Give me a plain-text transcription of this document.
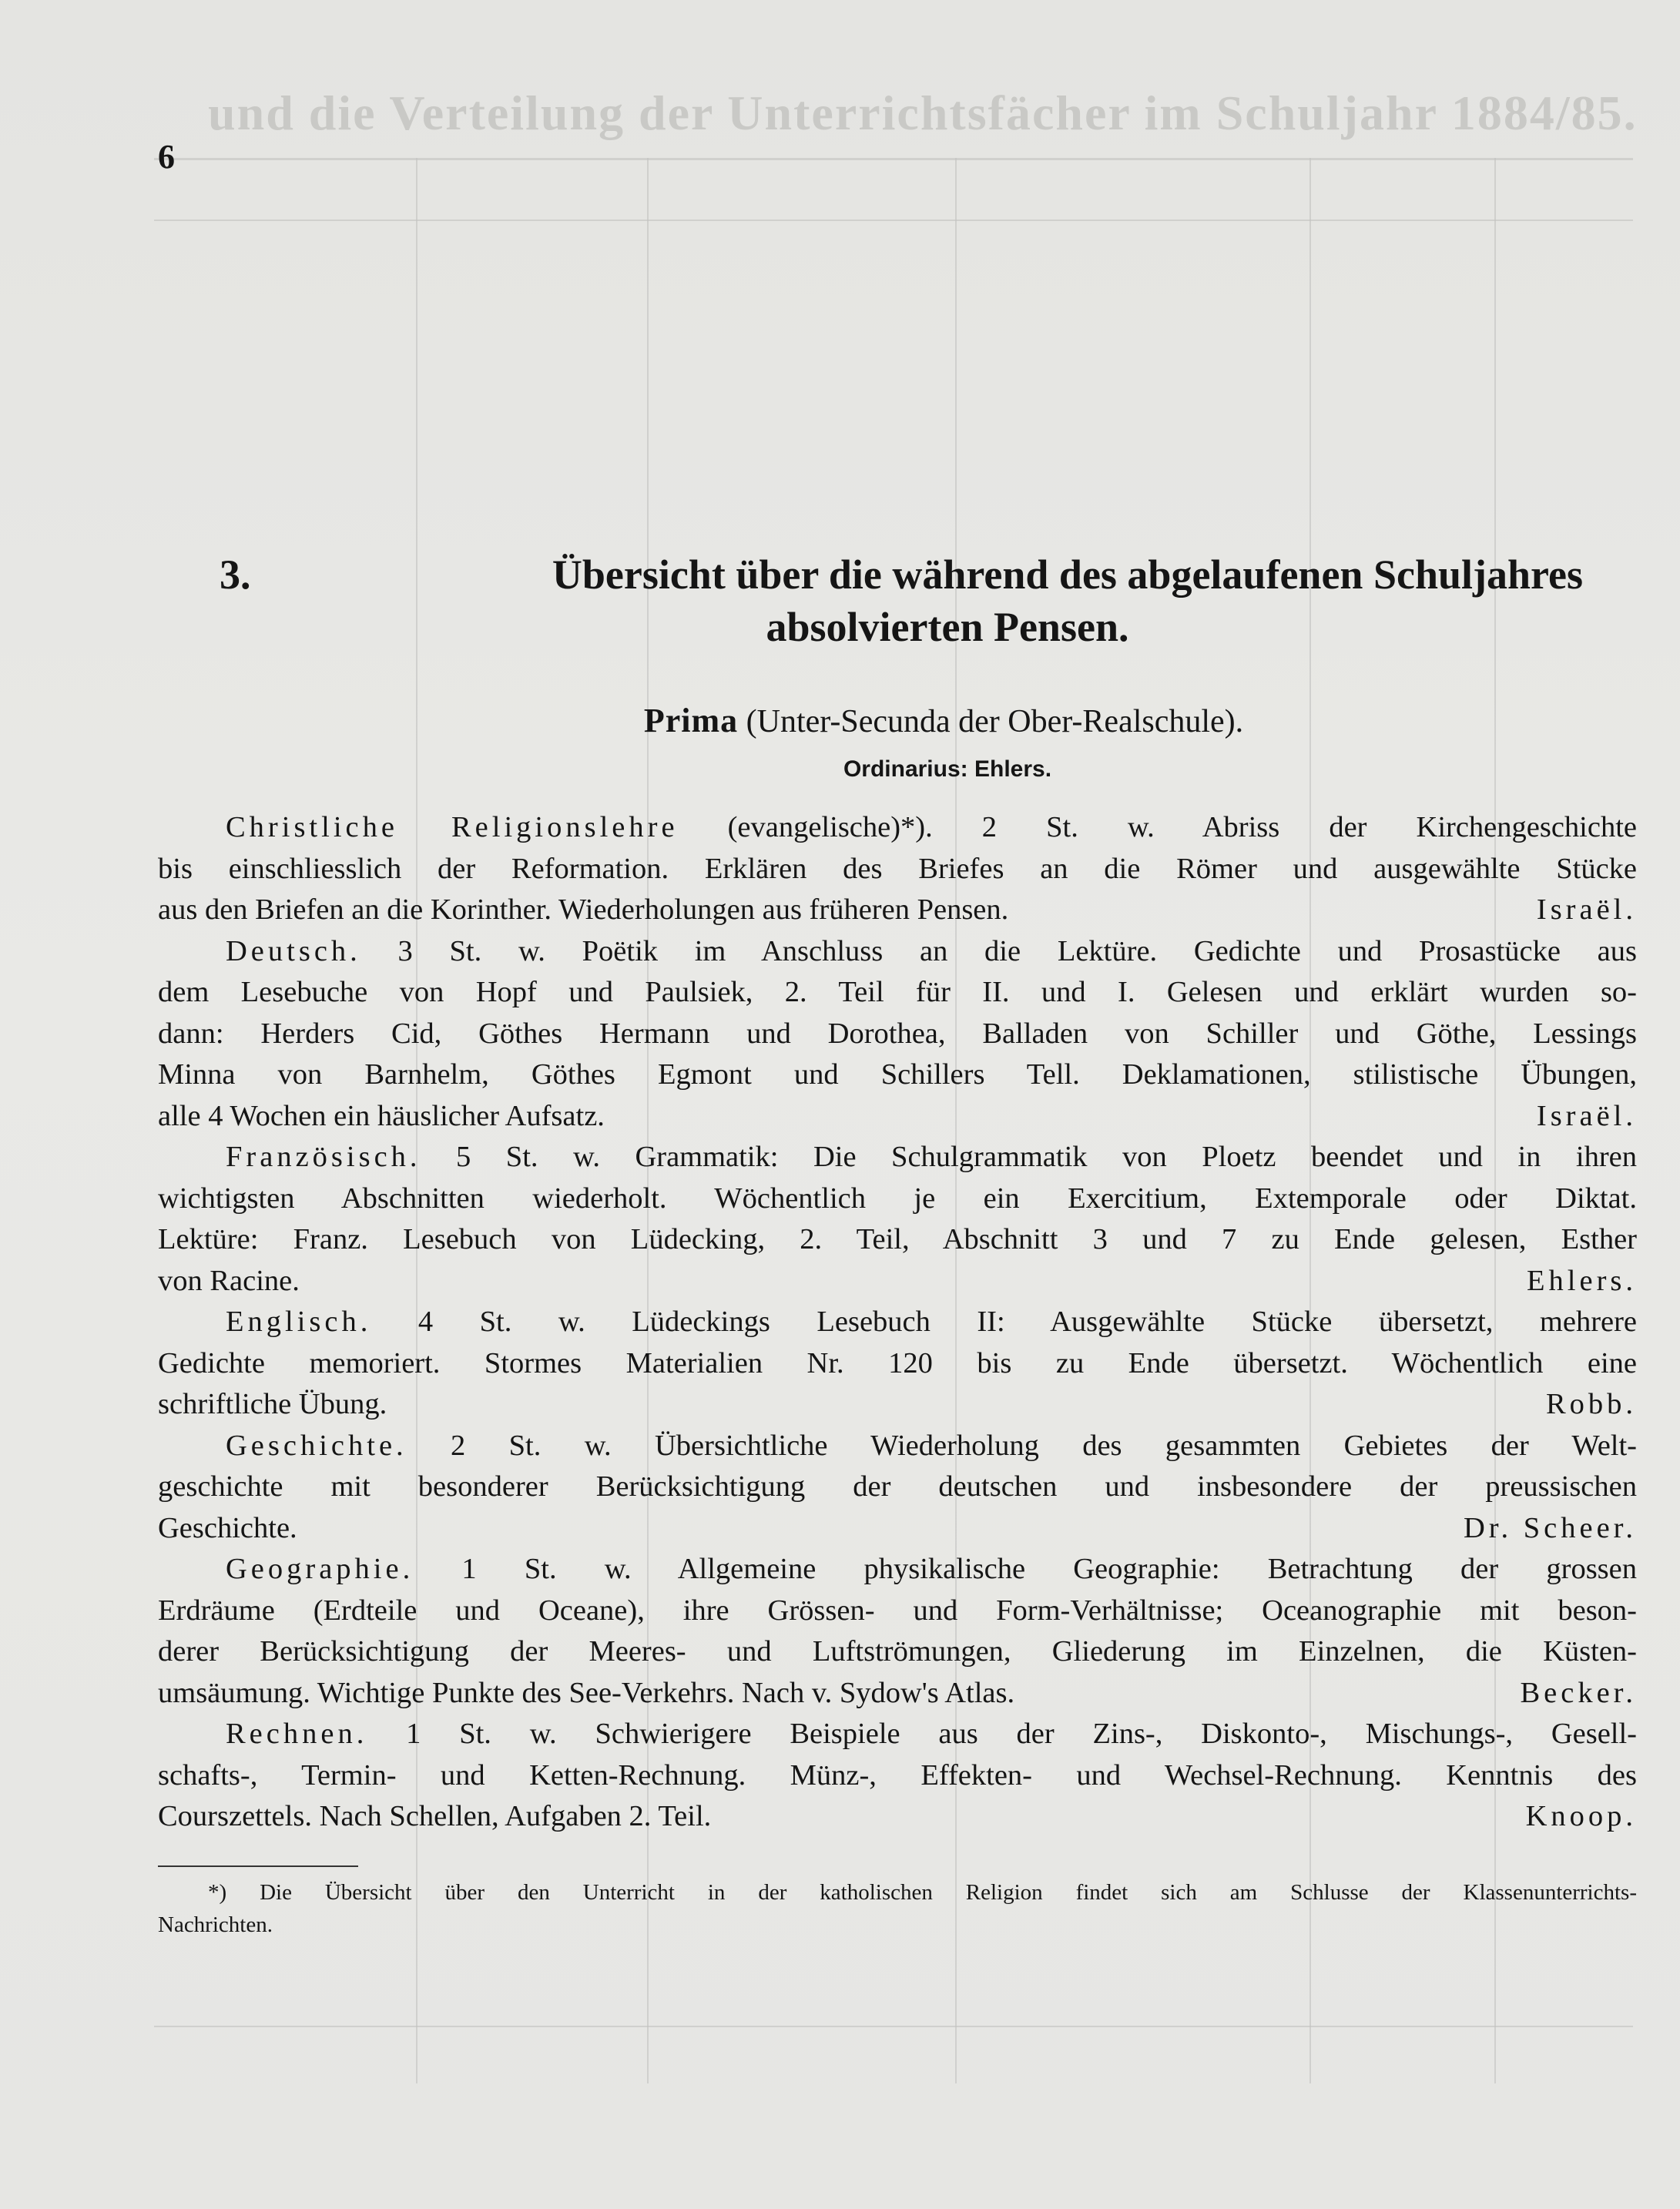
und die Verteilung der Unterrichtsfächer im Schuljahr 1884/85.
6
3.	Übersicht über die während des abgelaufenen Schuljahres
absolvierten Pensen.
Prima (Unter-Secunda der Ober-Realschule).
Ordinarius: Ehlers.
Christliche Religionslehre (evangelische)*). 2 St. w. Abriss der Kirchengeschichte
bis einschliesslich der Reformation. Erklären des Briefes an die Römer und ausgewählte Stücke
aus den Briefen an die Korinther. Wiederholungen aus früheren Pensen.	Israël.
Deutsch. 3 St. w. Poëtik im Anschluss an die Lektüre. Gedichte und Prosastücke aus
dem Lesebuche von Hopf und Paulsiek, 2. Teil für II. und I. Gelesen und erklärt wurden so-
dann: Herders Cid, Göthes Hermann und Dorothea, Balladen von Schiller und Göthe, Lessings
Minna von Barnhelm, Göthes Egmont und Schillers Tell. Deklamationen, stilistische Übungen,
alle 4 Wochen ein häuslicher Aufsatz.	Israël.
Französisch. 5 St. w. Grammatik: Die Schulgrammatik von Ploetz beendet und in ihren
wichtigsten Abschnitten wiederholt. Wöchentlich je ein Exercitium, Extemporale oder Diktat.
Lektüre: Franz. Lesebuch von Lüdecking, 2. Teil, Abschnitt 3 und 7 zu Ende gelesen, Esther
von Racine.	Ehlers.
Englisch. 4 St. w. Lüdeckings Lesebuch II: Ausgewählte Stücke übersetzt, mehrere
Gedichte memoriert. Stormes Materialien Nr. 120 bis zu Ende übersetzt. Wöchentlich eine
schriftliche Übung.	Robb.
Geschichte. 2 St. w. Übersichtliche Wiederholung des gesammten Gebietes der Welt-
geschichte mit besonderer Berücksichtigung der deutschen und insbesondere der preussischen
Geschichte.	Dr. Scheer.
Geographie. 1 St. w. Allgemeine physikalische Geographie: Betrachtung der grossen
Erdräume (Erdteile und Oceane), ihre Grössen- und Form-Verhältnisse; Oceanographie mit beson-
derer Berücksichtigung der Meeres- und Luftströmungen, Gliederung im Einzelnen, die Küsten-
umsäumung. Wichtige Punkte des See-Verkehrs. Nach v. Sydow's Atlas.	Becker.
Rechnen. 1 St. w. Schwierigere Beispiele aus der Zins-, Diskonto-, Mischungs-, Gesell-
schafts-, Termin- und Ketten-Rechnung. Münz-, Effekten- und Wechsel-Rechnung. Kenntnis des
Courszettels. Nach Schellen, Aufgaben 2. Teil.	Knoop.
*) Die Übersicht über den Unterricht in der katholischen Religion findet sich am Schlusse der Klassenunterrichts-
Nachrichten.
